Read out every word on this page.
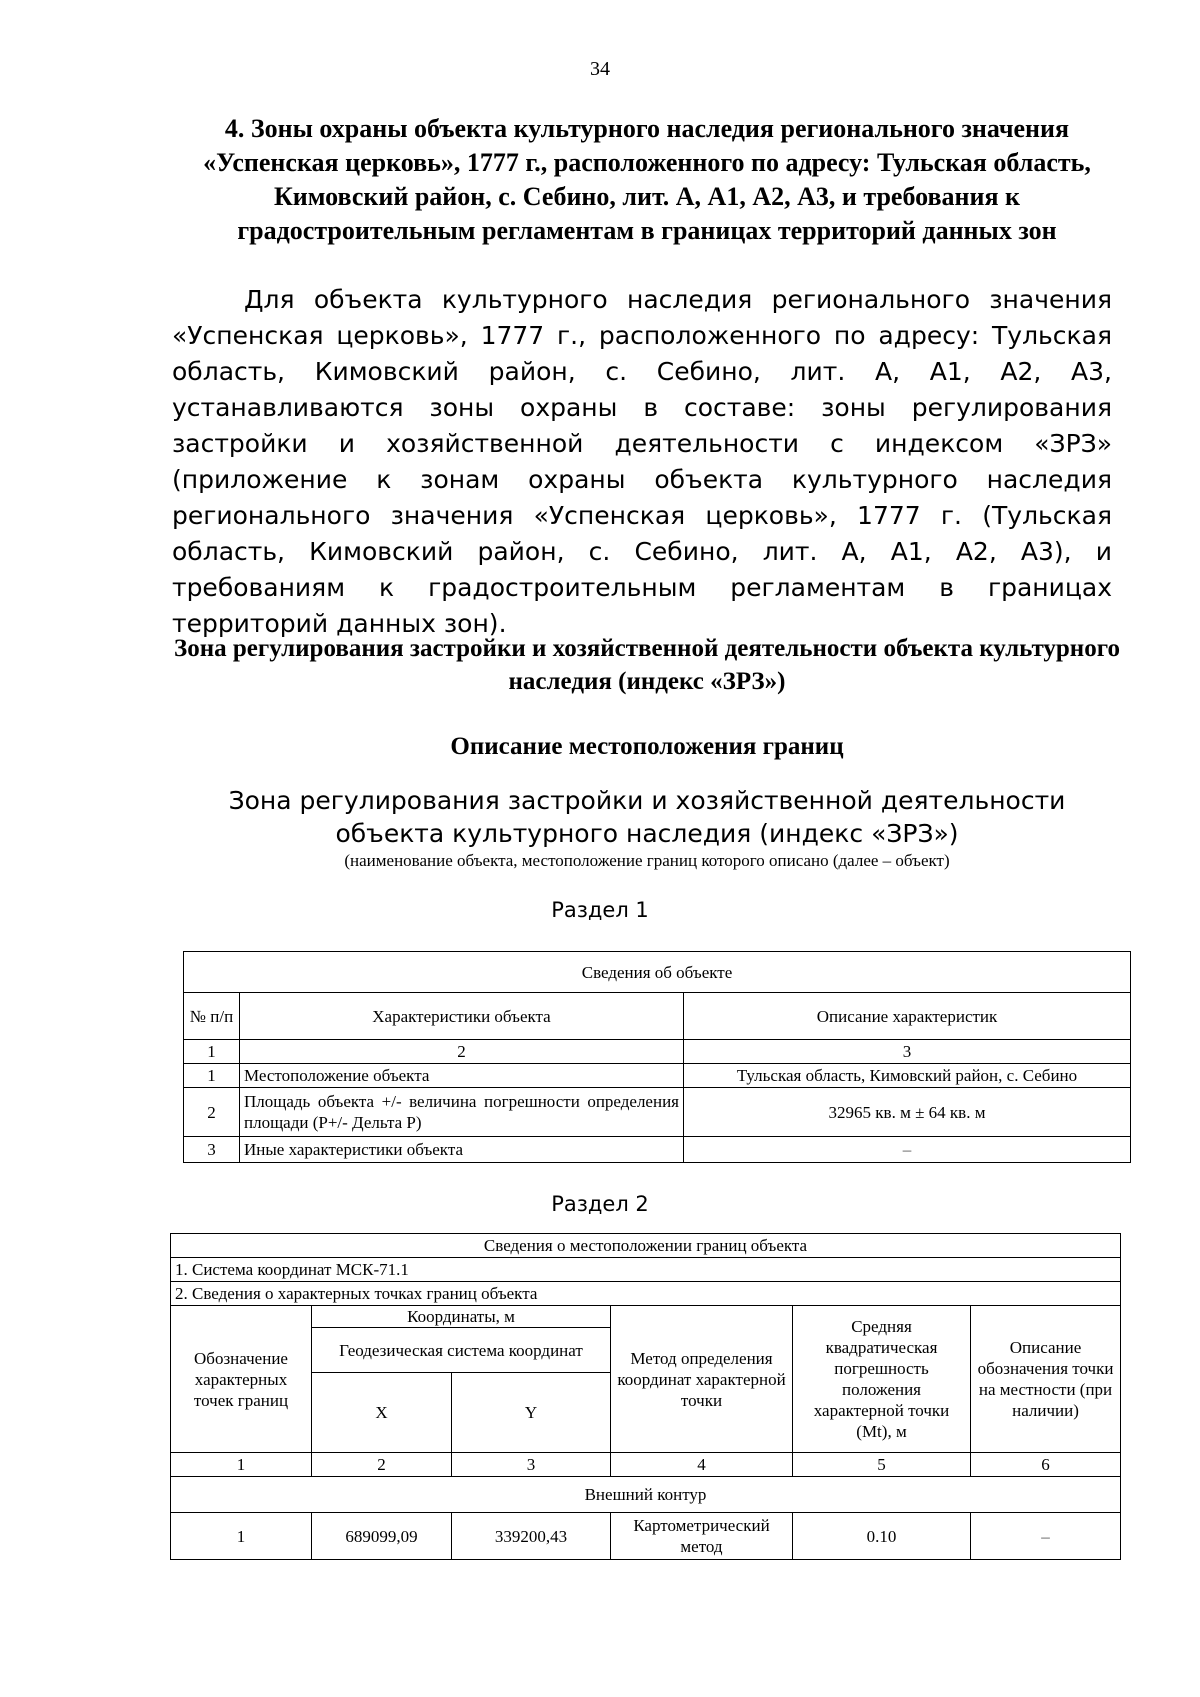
34
4. Зоны охраны объекта культурного наследия регионального значения «Успенская церковь», 1777 г., расположенного по адресу: Тульская область, Кимовский район, с. Себино, лит. А, А1, А2, А3, и требования к градостроительным регламентам в границах территорий данных зон
Для объекта культурного наследия регионального значения «Успенская церковь», 1777 г., расположенного по адресу: Тульская область, Кимовский район, с. Себино, лит. А, А1, А2, А3, устанавливаются зоны охраны в составе: зоны регулирования застройки и хозяйственной деятельности с индексом «ЗРЗ» (приложение к зонам охраны объекта культурного наследия регионального значения «Успенская церковь», 1777 г. (Тульская область, Кимовский район, с. Себино, лит. А, А1, А2, А3), и требованиям к градостроительным регламентам в границах территорий данных зон).
Зона регулирования застройки и хозяйственной деятельности объекта культурного наследия (индекс «ЗРЗ»)
Описание местоположения границ
Зона регулирования застройки и хозяйственной деятельности объекта культурного наследия (индекс «ЗРЗ»)
(наименование объекта, местоположение границ которого описано (далее – объект)
Раздел 1
Сведения об объекте		
№ п/п	Характеристики объекта	Описание характеристик
1	2	3
1	Местоположение объекта	Тульская область, Кимовский район, с. Себино
2	Площадь объекта +/- величина погрешности определения площади (Р+/- Дельта Р)	32965 кв. м ± 64 кв. м
3	Иные характеристики объекта	–
Раздел 2
Сведения о местоположении границ объекта					
1. Система координат МСК-71.1					
2. Сведения о характерных точках границ объекта					
Обозначение характерных точек границ	Координаты, м		Метод определения координат характерной точки	Средняя квадратическая погрешность положения характерной точки (Mt), м	Описание обозначения точки на местности (при наличии)
	Геодезическая система координат				
	X	Y			
1	2	3	4	5	6
Внешний контур					
1	689099,09	339200,43	Картометрический метод	0.10	–
